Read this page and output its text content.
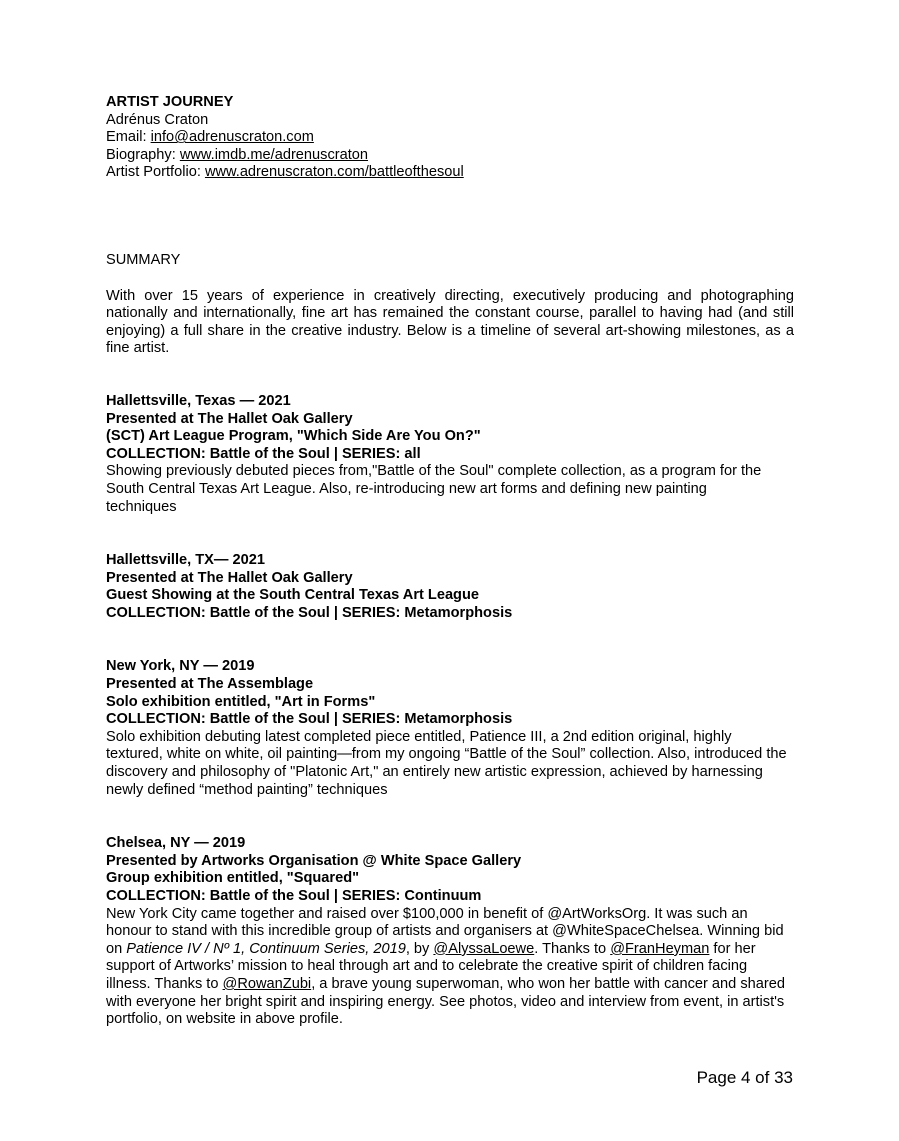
ARTIST JOURNEY
Adrénus Craton
Email: info@adrenuscraton.com
Biography: www.imdb.me/adrenuscraton
Artist Portfolio: www.adrenuscraton.com/battleofthesoul
SUMMARY
With over 15 years of experience in creatively directing, executively producing and photographing nationally and internationally, fine art has remained the constant course, parallel to having had (and still enjoying) a full share in the creative industry. Below is a timeline of several art-showing milestones, as a fine artist.
Hallettsville, Texas — 2021
Presented at The Hallet Oak Gallery
(SCT) Art League Program, "Which Side Are You On?"
COLLECTION: Battle of the Soul | SERIES: all
Showing previously debuted pieces from,"Battle of the Soul" complete collection, as a program for the South Central Texas Art League. Also, re-introducing new art forms and defining new painting techniques
Hallettsville, TX— 2021
Presented at The Hallet Oak Gallery
Guest Showing at the South Central Texas Art League
COLLECTION: Battle of the Soul | SERIES: Metamorphosis
New York, NY — 2019
Presented at The Assemblage
Solo exhibition entitled, "Art in Forms"
COLLECTION: Battle of the Soul | SERIES: Metamorphosis
Solo exhibition debuting latest completed piece entitled, Patience III, a 2nd edition original, highly textured, white on white, oil painting—from my ongoing “Battle of the Soul” collection. Also, introduced the discovery and philosophy of "Platonic Art," an entirely new artistic expression, achieved by harnessing newly defined “method painting” techniques
Chelsea, NY — 2019
Presented by Artworks Organisation @ White Space Gallery
Group exhibition entitled, "Squared"
COLLECTION: Battle of the Soul | SERIES: Continuum
New York City came together and raised over $100,000 in benefit of @ArtWorksOrg. It was such an honour to stand with this incredible group of artists and organisers at @WhiteSpaceChelsea. Winning bid on Patience IV / Nº 1, Continuum Series, 2019, by @AlyssaLoewe. Thanks to @FranHeyman for her support of Artworks’ mission to heal through art and to celebrate the creative spirit of children facing illness. Thanks to @RowanZubi, a brave young superwoman, who won her battle with cancer and shared with everyone her bright spirit and inspiring energy. See photos, video and interview from event, in artist's portfolio, on website in above profile.
Page 4 of 33
